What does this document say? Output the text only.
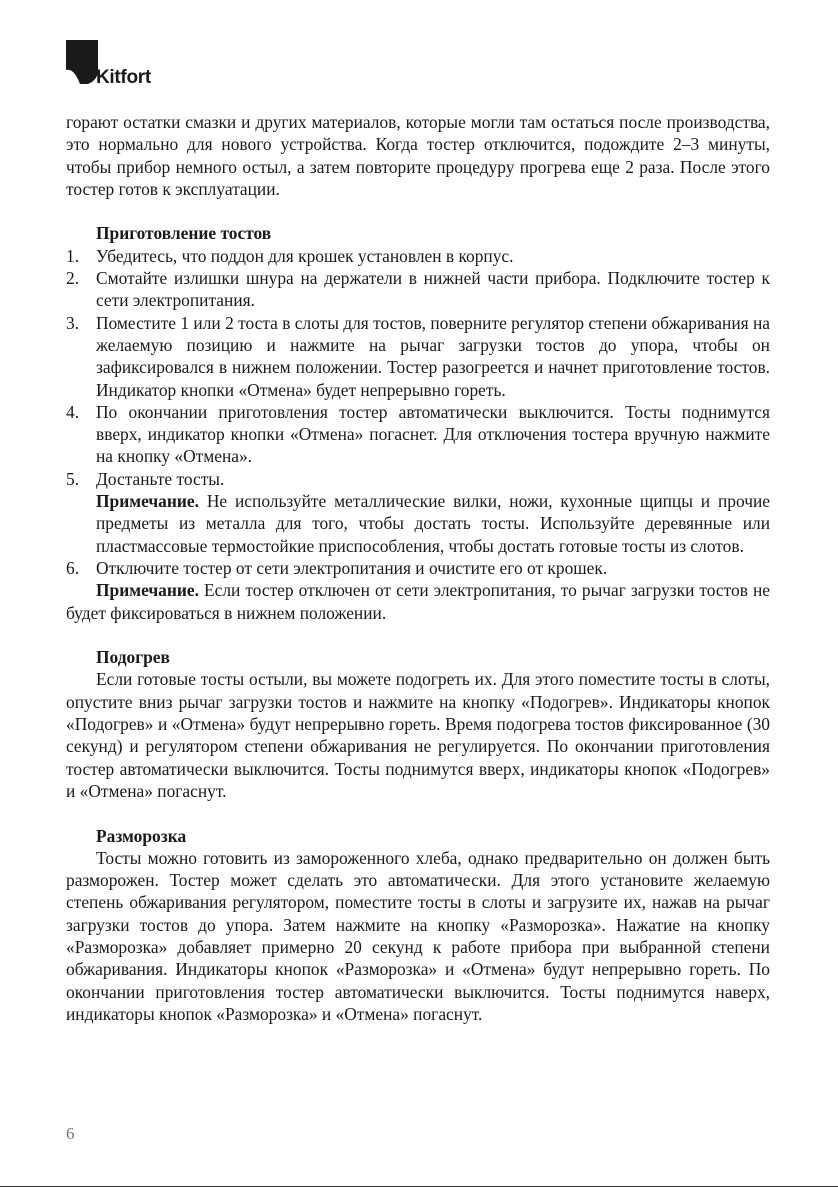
Kitfort

горают остатки смазки и других материалов, которые могли там остаться после производства, это нормально для нового устройства. Когда тостер отключится, подождите 2–3 минуты, чтобы прибор немного остыл, а затем повторите процедуру прогрева еще 2 раза. После этого тостер готов к эксплуатации.

Приготовление тостов

1. Убедитесь, что поддон для крошек установлен в корпус.
2. Смотайте излишки шнура на держатели в нижней части прибора. Подключите тостер к сети электропитания.
3. Поместите 1 или 2 тоста в слоты для тостов, поверните регулятор степени обжаривания на желаемую позицию и нажмите на рычаг загрузки тостов до упора, чтобы он зафиксировался в нижнем положении. Тостер разогреется и начнет приготовление тостов. Индикатор кнопки «Отмена» будет непрерывно гореть.
4. По окончании приготовления тостер автоматически выключится. Тосты поднимутся вверх, индикатор кнопки «Отмена» погаснет. Для отключения тостера вручную нажмите на кнопку «Отмена».
5. Достаньте тосты.
Примечание. Не используйте металлические вилки, ножи, кухонные щипцы и прочие предметы из металла для того, чтобы достать тосты. Используйте деревянные или пластмассовые термостойкие приспособления, чтобы достать готовые тосты из слотов.
6. Отключите тостер от сети электропитания и очистите его от крошек.

Примечание. Если тостер отключен от сети электропитания, то рычаг загрузки тостов не будет фиксироваться в нижнем положении.

Подогрев

Если готовые тосты остыли, вы можете подогреть их. Для этого поместите тосты в слоты, опустите вниз рычаг загрузки тостов и нажмите на кнопку «Подогрев». Индикаторы кнопок «Подогрев» и «Отмена» будут непрерывно гореть. Время подогрева тостов фиксированное (30 секунд) и регулятором степени обжаривания не регулируется. По окончании приготовления тостер автоматически выключится. Тосты поднимутся вверх, индикаторы кнопок «Подогрев» и «Отмена» погаснут.

Разморозка

Тосты можно готовить из замороженного хлеба, однако предварительно он должен быть разморожен. Тостер может сделать это автоматически. Для этого установите желаемую степень обжаривания регулятором, поместите тосты в слоты и загрузите их, нажав на рычаг загрузки тостов до упора. Затем нажмите на кнопку «Разморозка». Нажатие на кнопку «Разморозка» добавляет примерно 20 секунд к работе прибора при выбранной степени обжаривания. Индикаторы кнопок «Разморозка» и «Отмена» будут непрерывно гореть. По окончании приготовления тостер автоматически выключится. Тосты поднимутся наверх, индикаторы кнопок «Разморозка» и «Отмена» погаснут.

6
